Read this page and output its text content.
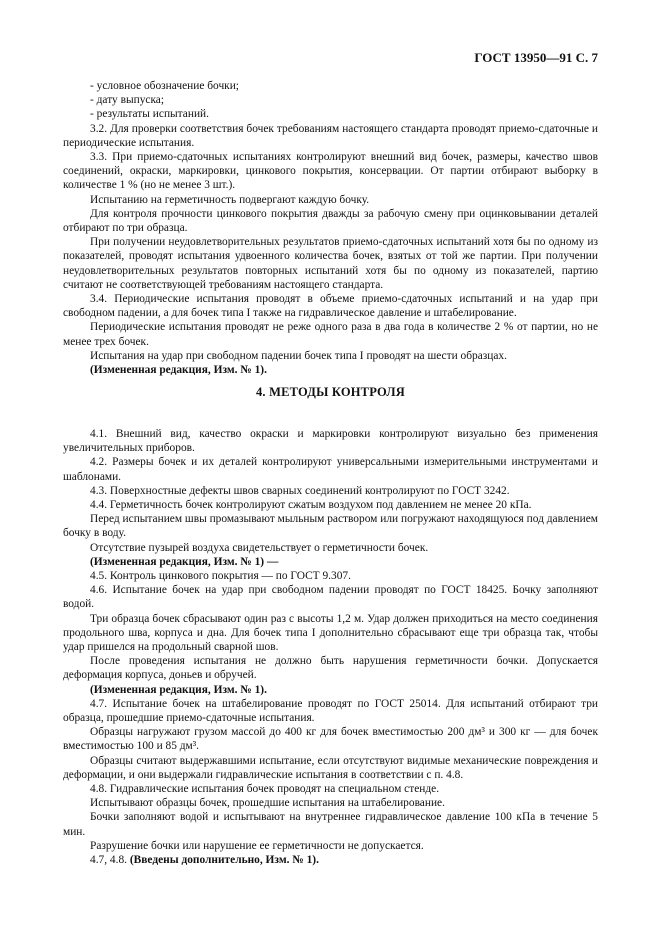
ГОСТ 13950—91 С. 7

- условное обозначение бочки;

- дату выпуска;

- результаты испытаний.

3.2. Для проверки соответствия бочек требованиям настоящего стандарта проводят приемо-сдаточные и периодические испытания.

3.3. При приемо-сдаточных испытаниях контролируют внешний вид бочек, размеры, качество швов соединений, окраски, маркировки, цинкового покрытия, консервации. От партии отбирают выборку в количестве 1 % (но не менее 3 шт.).

Испытанию на герметичность подвергают каждую бочку.

Для контроля прочности цинкового покрытия дважды за рабочую смену при оцинковывании деталей отбирают по три образца.

При получении неудовлетворительных результатов приемо-сдаточных испытаний хотя бы по одному из показателей, проводят испытания удвоенного количества бочек, взятых от той же партии. При получении неудовлетворительных результатов повторных испытаний хотя бы по одному из показателей, партию считают не соответствующей требованиям настоящего стандарта.

3.4. Периодические испытания проводят в объеме приемо-сдаточных испытаний и на удар при свободном падении, а для бочек типа I также на гидравлическое давление и штабелирование.

Периодические испытания проводят не реже одного раза в два года в количестве 2 % от партии, но не менее трех бочек.

Испытания на удар при свободном падении бочек типа I проводят на шести образцах.

(Измененная редакция, Изм. № 1).

4. МЕТОДЫ КОНТРОЛЯ

4.1. Внешний вид, качество окраски и маркировки контролируют визуально без применения увеличительных приборов.

4.2. Размеры бочек и их деталей контролируют универсальными измерительными инструментами и шаблонами.

4.3. Поверхностные дефекты швов сварных соединений контролируют по ГОСТ 3242.

4.4. Герметичность бочек контролируют сжатым воздухом под давлением не менее 20 кПа.

Перед испытанием швы промазывают мыльным раствором или погружают находящуюся под давлением бочку в воду.

Отсутствие пузырей воздуха свидетельствует о герметичности бочек.

(Измененная редакция, Изм. № 1) —

4.5. Контроль цинкового покрытия — по ГОСТ 9.307.

4.6. Испытание бочек на удар при свободном падении проводят по ГОСТ 18425. Бочку заполняют водой.

Три образца бочек сбрасывают один раз с высоты 1,2 м. Удар должен приходиться на место соединения продольного шва, корпуса и дна. Для бочек типа I дополнительно сбрасывают еще три образца так, чтобы удар пришелся на продольный сварной шов.

После проведения испытания не должно быть нарушения герметичности бочки. Допускается деформация корпуса, доньев и обручей.

(Измененная редакция, Изм. № 1).

4.7. Испытание бочек на штабелирование проводят по ГОСТ 25014. Для испытаний отбирают три образца, прошедшие приемо-сдаточные испытания.

Образцы нагружают грузом массой до 400 кг для бочек вместимостью 200 дм³ и 300 кг — для бочек вместимостью 100 и 85 дм³.

Образцы считают выдержавшими испытание, если отсутствуют видимые механические повреждения и деформации, и они выдержали гидравлические испытания в соответствии с п. 4.8.

4.8. Гидравлические испытания бочек проводят на специальном стенде.

Испытывают образцы бочек, прошедшие испытания на штабелирование.

Бочки заполняют водой и испытывают на внутреннее гидравлическое давление 100 кПа в течение 5 мин.

Разрушение бочки или нарушение ее герметичности не допускается.

4.7, 4.8. (Введены дополнительно, Изм. № 1).
